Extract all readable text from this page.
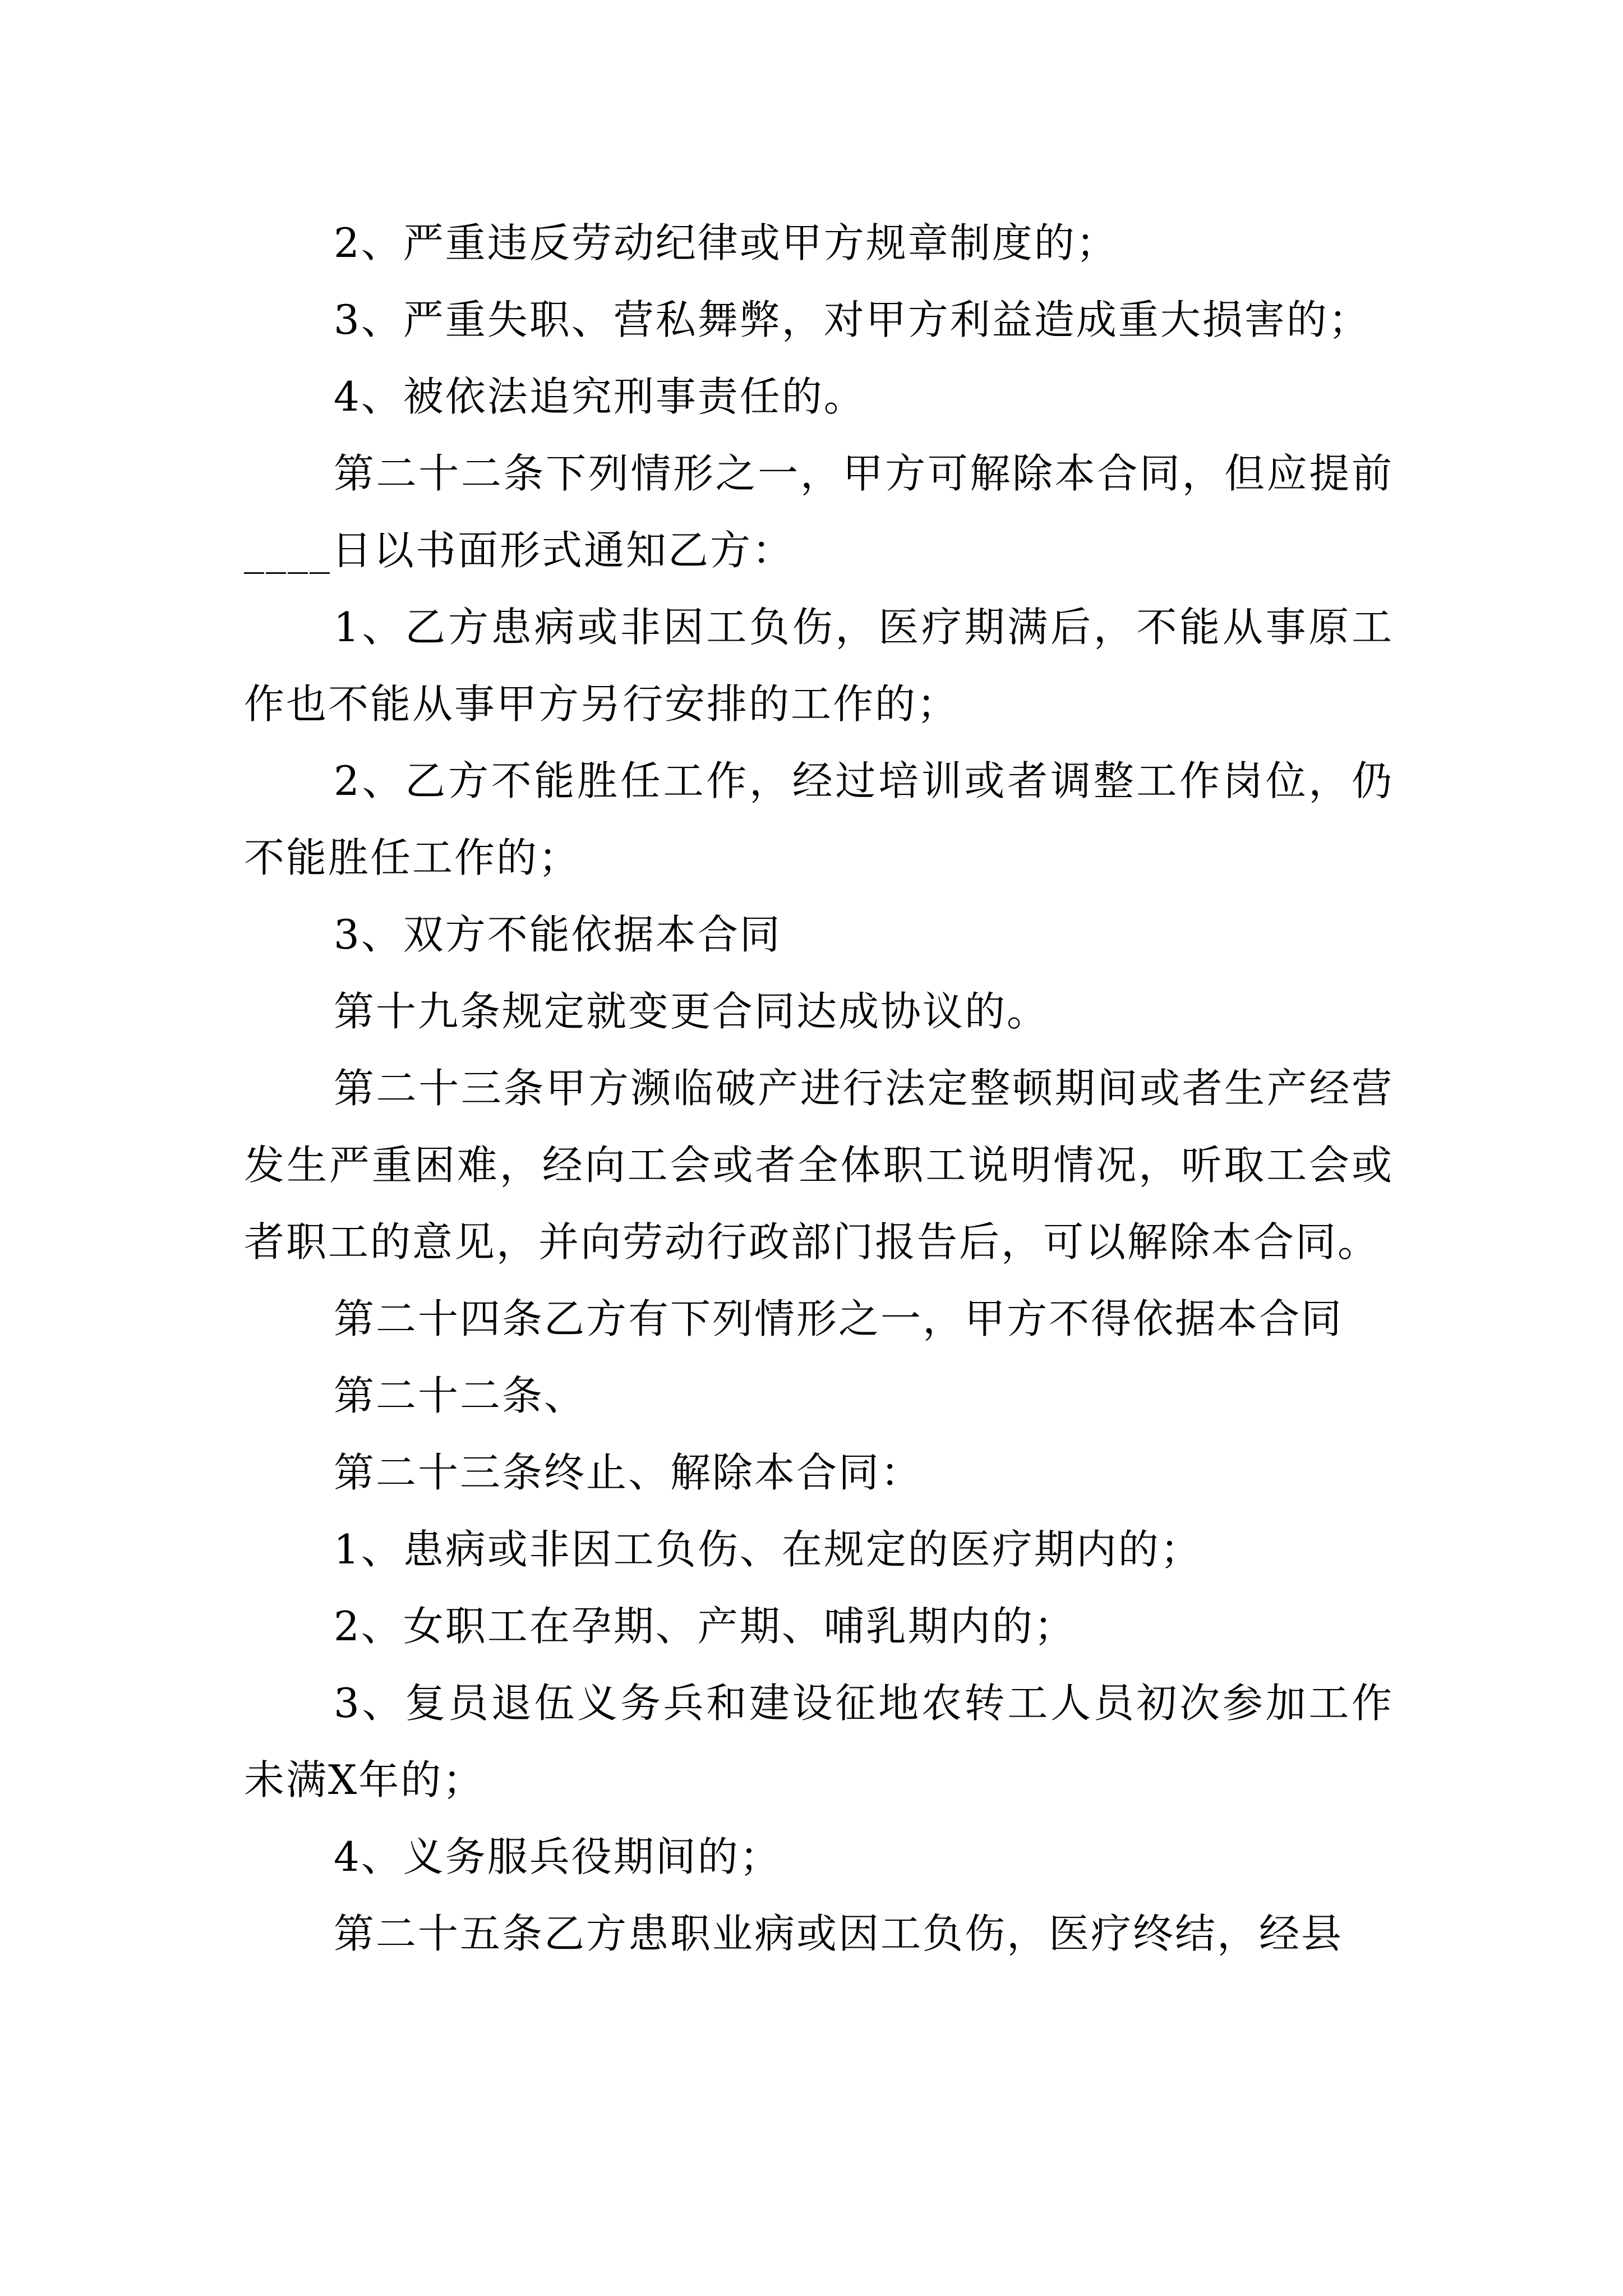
2、严重违反劳动纪律或甲方规章制度的；

3、严重失职、营私舞弊，对甲方利益造成重大损害的；

4、被依法追究刑事责任的。

第二十二条下列情形之一，甲方可解除本合同，但应提前____日以书面形式通知乙方：

1、乙方患病或非因工负伤，医疗期满后，不能从事原工作也不能从事甲方另行安排的工作的；

2、乙方不能胜任工作，经过培训或者调整工作岗位，仍不能胜任工作的；

3、双方不能依据本合同

第十九条规定就变更合同达成协议的。

第二十三条甲方濒临破产进行法定整顿期间或者生产经营发生严重困难，经向工会或者全体职工说明情况，听取工会或者职工的意见，并向劳动行政部门报告后，可以解除本合同。

第二十四条乙方有下列情形之一，甲方不得依据本合同

第二十二条、

第二十三条终止、解除本合同：

1、患病或非因工负伤、在规定的医疗期内的；

2、女职工在孕期、产期、哺乳期内的；

3、复员退伍义务兵和建设征地农转工人员初次参加工作未满X年的；

4、义务服兵役期间的；

第二十五条乙方患职业病或因工负伤，医疗终结，经县
